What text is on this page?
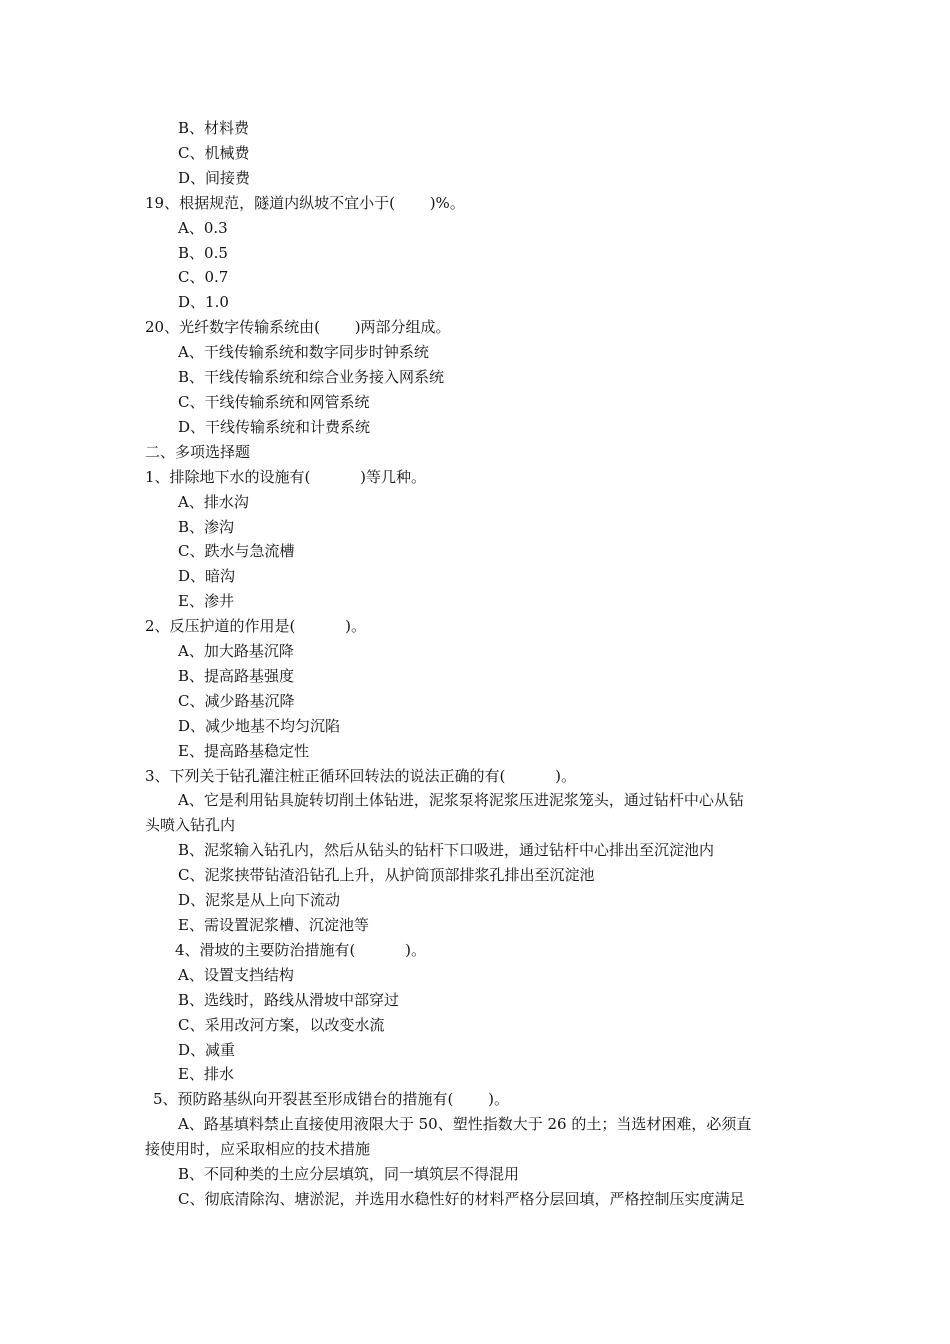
B、材料费

C、机械费

D、间接费

19、根据规范，隧道内纵坡不宜小于(　　 )%。

A、0.3

B、0.5

C、0.7

D、1.0

20、光纤数字传输系统由(　　 )两部分组成。

A、干线传输系统和数字同步时钟系统

B、干线传输系统和综合业务接入网系统

C、干线传输系统和网管系统

D、干线传输系统和计费系统

二、多项选择题

1、排除地下水的设施有(　　　 )等几种。

A、排水沟

B、渗沟

C、跌水与急流槽

D、暗沟

E、渗井

2、反压护道的作用是(　　　 )。

A、加大路基沉降

B、提高路基强度

C、减少路基沉降

D、减少地基不均匀沉陷

E、提高路基稳定性

3、下列关于钻孔灌注桩正循环回转法的说法正确的有(　　　 )。

A、它是利用钻具旋转切削土体钻进，泥浆泵将泥浆压进泥浆笼头，通过钻杆中心从钻

头喷入钻孔内

B、泥浆输入钻孔内，然后从钻头的钻杆下口吸进，通过钻杆中心排出至沉淀池内

C、泥浆挟带钻渣沿钻孔上升，从护筒顶部排浆孔排出至沉淀池

D、泥浆是从上向下流动

E、需设置泥浆槽、沉淀池等

4、滑坡的主要防治措施有(　　　 )。

A、设置支挡结构

B、选线时，路线从滑坡中部穿过

C、采用改河方案，以改变水流

D、减重

E、排水

5、预防路基纵向开裂甚至形成错台的措施有(　　 )。

A、路基填料禁止直接使用液限大于 50、塑性指数大于 26 的土；当选材困难，必须直

接使用时，应采取相应的技术措施

B、不同种类的土应分层填筑，同一填筑层不得混用

C、彻底清除沟、塘淤泥，并选用水稳性好的材料严格分层回填，严格控制压实度满足
